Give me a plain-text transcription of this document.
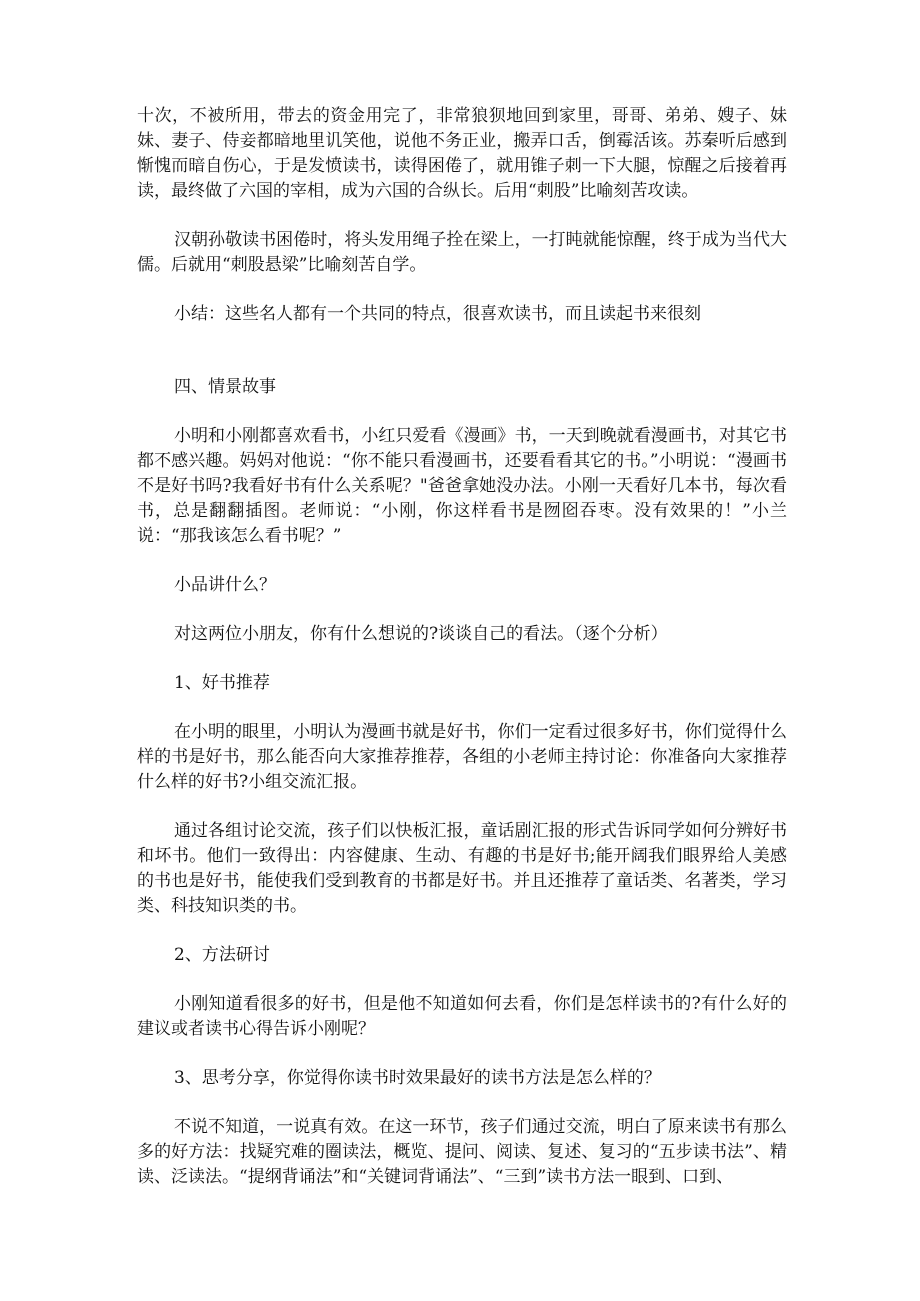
十次，不被所用，带去的资金用完了，非常狼狈地回到家里，哥哥、弟弟、嫂子、妹妹、妻子、侍妾都暗地里讥笑他，说他不务正业，搬弄口舌，倒霉活该。苏秦听后感到惭愧而暗自伤心，于是发愤读书，读得困倦了，就用锥子刺一下大腿，惊醒之后接着再读，最终做了六国的宰相，成为六国的合纵长。后用“刺股”比喻刻苦攻读。

汉朝孙敬读书困倦时，将头发用绳子拴在梁上，一打盹就能惊醒，终于成为当代大儒。后就用“刺股悬梁”比喻刻苦自学。

小结：这些名人都有一个共同的特点，很喜欢读书，而且读起书来很刻

四、情景故事

小明和小刚都喜欢看书，小红只爱看《漫画》书，一天到晚就看漫画书，对其它书都不感兴趣。妈妈对他说：“你不能只看漫画书，还要看看其它的书。”小明说：“漫画书不是好书吗?我看好书有什么关系呢？"爸爸拿她没办法。小刚一天看好几本书，每次看书，总是翻翻插图。老师说：“小刚，你这样看书是囫囵吞枣。没有效果的！”小兰说：“那我该怎么看书呢？”

小品讲什么？

对这两位小朋友，你有什么想说的?谈谈自己的看法。（逐个分析）

1、好书推荐

在小明的眼里，小明认为漫画书就是好书，你们一定看过很多好书，你们觉得什么样的书是好书，那么能否向大家推荐推荐，各组的小老师主持讨论：你准备向大家推荐什么样的好书?小组交流汇报。

通过各组讨论交流，孩子们以快板汇报，童话剧汇报的形式告诉同学如何分辨好书和坏书。他们一致得出：内容健康、生动、有趣的书是好书;能开阔我们眼界给人美感的书也是好书，能使我们受到教育的书都是好书。并且还推荐了童话类、名著类，学习类、科技知识类的书。

2、方法研讨

小刚知道看很多的好书，但是他不知道如何去看，你们是怎样读书的?有什么好的建议或者读书心得告诉小刚呢？

3、思考分享，你觉得你读书时效果最好的读书方法是怎么样的？

不说不知道，一说真有效。在这一环节，孩子们通过交流，明白了原来读书有那么多的好方法：找疑究难的圈读法，概览、提问、阅读、复述、复习的“五步读书法”、精读、泛读法。“提纲背诵法”和“关键词背诵法”、“三到”读书方法一眼到、口到、
